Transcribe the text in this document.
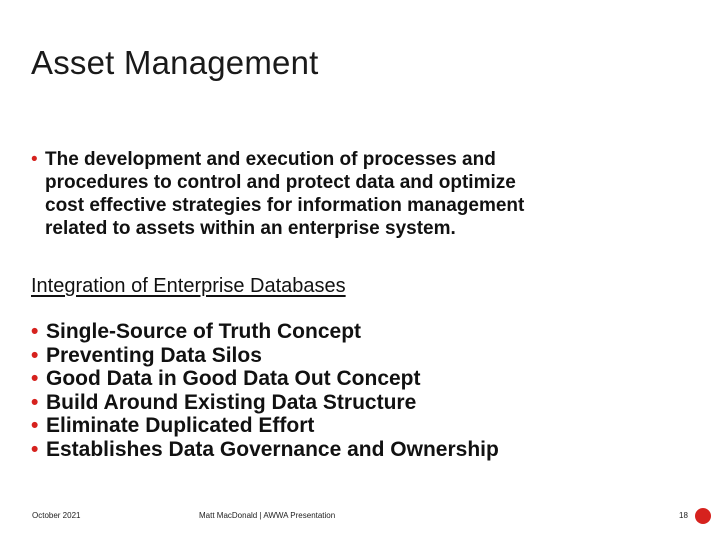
Asset Management
• The development and execution of processes and procedures to control and protect data and optimize cost effective strategies for information management related to assets within an enterprise system.
Integration of Enterprise Databases
• Single-Source of Truth Concept
• Preventing Data Silos
• Good Data in Good Data Out Concept
• Build Around Existing Data Structure
• Eliminate Duplicated Effort
• Establishes Data Governance and Ownership
October 2021	Matt MacDonald | AWWA Presentation	18
